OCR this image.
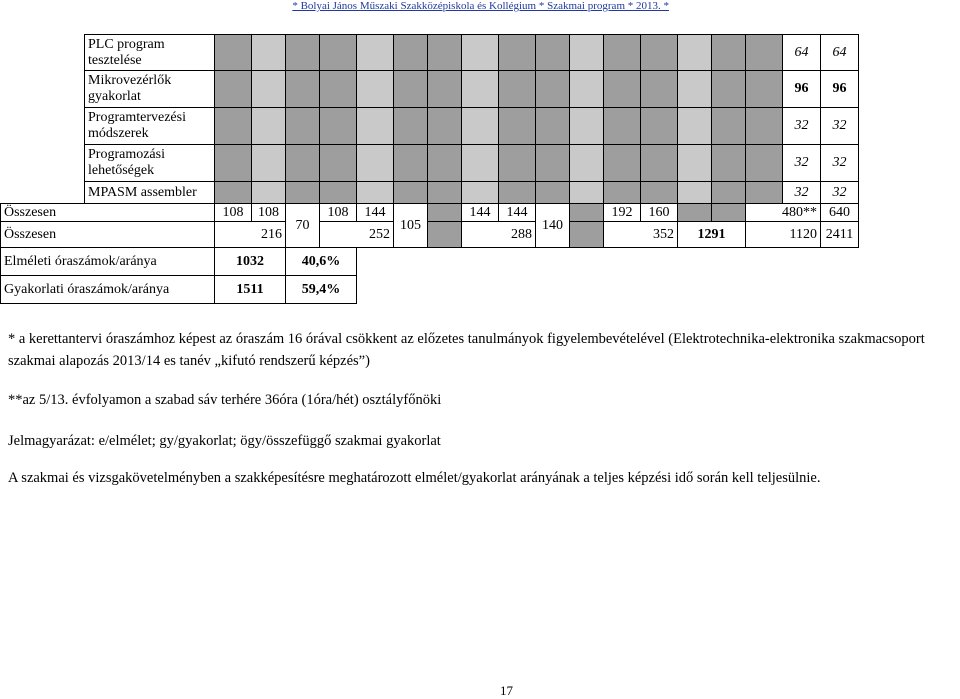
* Bolyai János Műszaki Szakközépiskola és Kollégium * Szakmai program * 2013. *
	PLC program tesztelése																	64	64
	Mikrovezérlők gyakorlat																	96	96
	Programtervezési módszerek																	32	32
	Programozási lehetőségek																	32	32
	MPASM assembler																	32	32
Összesen		108	108	70	108	144	105		144	144	140		192	160			480**		640
Összesen		216			252				288				352		1291		1120		2411
Elméleti óraszámok/aránya		1032		40,6%															
Gyakorlati óraszámok/aránya		1511		59,4%															
* a kerettantervi óraszámhoz képest az óraszám 16 órával csökkent az előzetes tanulmányok figyelembevételével (Elektrotechnika-elektronika szakmacsoport szakmai alapozás 2013/14 es tanév „kifutó rendszerű képzés”)
**az 5/13. évfolyamon a szabad sáv terhére 36óra (1óra/hét) osztályfőnöki
Jelmagyarázat: e/elmélet; gy/gyakorlat; ögy/összefüggő szakmai gyakorlat
A szakmai és vizsgakövetelményben a szakképesítésre meghatározott elmélet/gyakorlat arányának a teljes képzési idő során kell teljesülnie.
17
